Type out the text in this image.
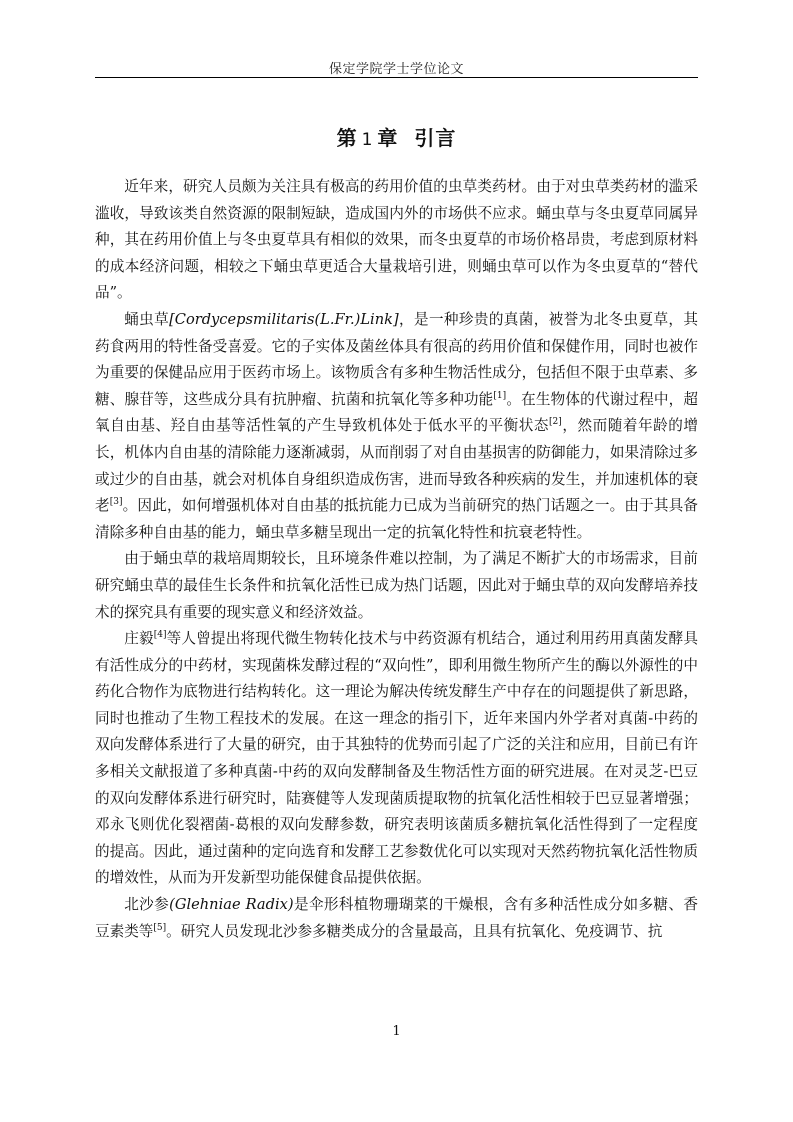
保定学院学士学位论文
第 1 章 引言

近年来，研究人员颇为关注具有极高的药用价值的虫草类药材。由于对虫草类药材的滥采滥收，导致该类自然资源的限制短缺，造成国内外的市场供不应求。蛹虫草与冬虫夏草同属异种，其在药用价值上与冬虫夏草具有相似的效果，而冬虫夏草的市场价格昂贵，考虑到原材料的成本经济问题，相较之下蛹虫草更适合大量栽培引进，则蛹虫草可以作为冬虫夏草的“替代品”。

蛹虫草[Cordycepsmilitaris(L.Fr.)Link]，是一种珍贵的真菌，被誉为北冬虫夏草，其药食两用的特性备受喜爱。它的子实体及菌丝体具有很高的药用价值和保健作用，同时也被作为重要的保健品应用于医药市场上。该物质含有多种生物活性成分，包括但不限于虫草素、多糖、腺苷等，这些成分具有抗肿瘤、抗菌和抗氧化等多种功能[1]。在生物体的代谢过程中，超氧自由基、羟自由基等活性氧的产生导致机体处于低水平的平衡状态[2]，然而随着年龄的增长，机体内自由基的清除能力逐渐减弱，从而削弱了对自由基损害的防御能力，如果清除过多或过少的自由基，就会对机体自身组织造成伤害，进而导致各种疾病的发生，并加速机体的衰老[3]。因此，如何增强机体对自由基的抵抗能力已成为当前研究的热门话题之一。由于其具备清除多种自由基的能力，蛹虫草多糖呈现出一定的抗氧化特性和抗衰老特性。

由于蛹虫草的栽培周期较长，且环境条件难以控制，为了满足不断扩大的市场需求，目前研究蛹虫草的最佳生长条件和抗氧化活性已成为热门话题，因此对于蛹虫草的双向发酵培养技术的探究具有重要的现实意义和经济效益。

庄毅[4]等人曾提出将现代微生物转化技术与中药资源有机结合，通过利用药用真菌发酵具有活性成分的中药材，实现菌株发酵过程的“双向性”，即利用微生物所产生的酶以外源性的中药化合物作为底物进行结构转化。这一理论为解决传统发酵生产中存在的问题提供了新思路，同时也推动了生物工程技术的发展。在这一理念的指引下，近年来国内外学者对真菌-中药的双向发酵体系进行了大量的研究，由于其独特的优势而引起了广泛的关注和应用，目前已有许多相关文献报道了多种真菌-中药的双向发酵制备及生物活性方面的研究进展。在对灵芝-巴豆的双向发酵体系进行研究时，陆赛健等人发现菌质提取物的抗氧化活性相较于巴豆显著增强；邓永飞则优化裂褶菌-葛根的双向发酵参数，研究表明该菌质多糖抗氧化活性得到了一定程度的提高。因此，通过菌种的定向选育和发酵工艺参数优化可以实现对天然药物抗氧化活性物质的增效性，从而为开发新型功能保健食品提供依据。

北沙参(Glehniae Radix)是伞形科植物珊瑚菜的干燥根，含有多种活性成分如多糖、香豆素类等[5]。研究人员发现北沙参多糖类成分的含量最高，且具有抗氧化、免疫调节、抗

1
